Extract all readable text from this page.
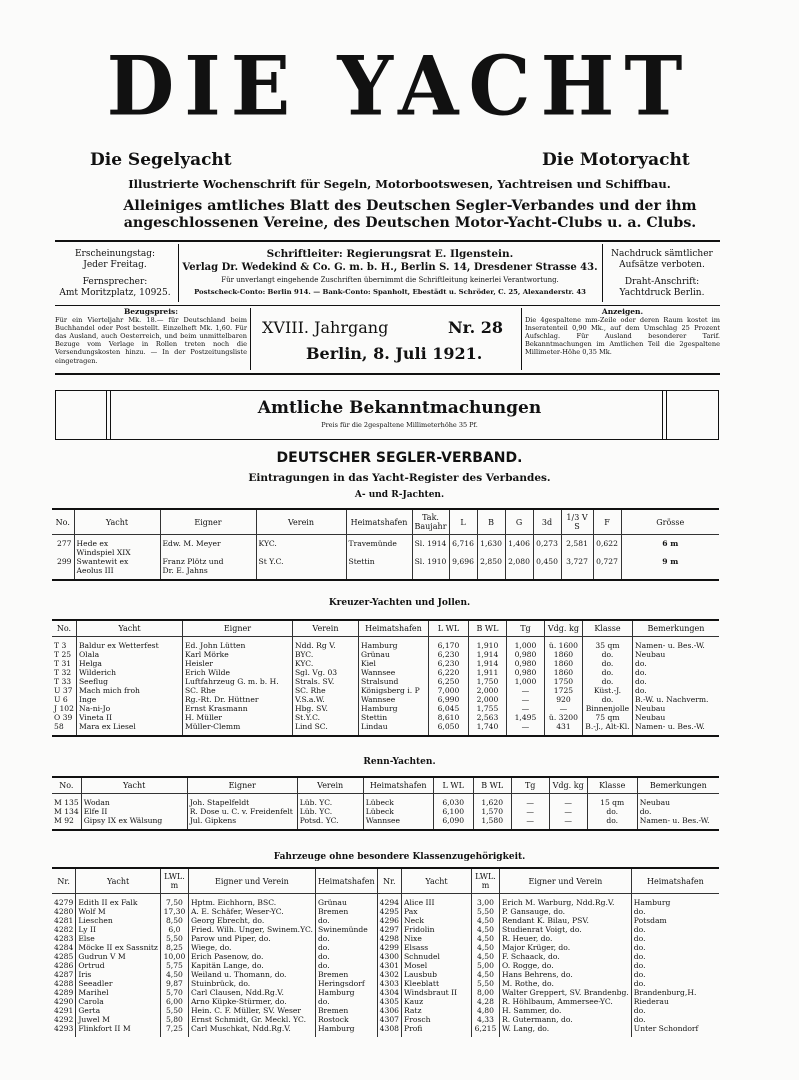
DIE YACHT
Die Segelyacht	Die Motoryacht
Illustrierte Wochenschrift für Segeln, Motorbootswesen, Yachtreisen und Schiffbau.
Alleiniges amtliches Blatt des Deutschen Segler-Verbandes und der ihm
angeschlossenen Vereine, des Deutschen Motor-Yacht-Clubs u. a. Clubs.
Erscheinungstag:
Jeder Freitag.
Fernsprecher:
Amt Moritzplatz, 10925.
Schriftleiter: Regierungsrat E. Ilgenstein.
Verlag Dr. Wedekind & Co. G. m. b. H., Berlin S. 14, Dresdener Strasse 43.
Für unverlangt eingehende Zuschriften übernimmt die Schriftleitung keinerlei Verantwortung.
Postscheck-Conto: Berlin 914. — Bank-Conto: Spanholt, Ebestädt u. Schröder, C. 25, Alexanderstr. 43
Nachdruck sämtlicher
Aufsätze verboten.
Draht-Anschrift:
Yachtdruck Berlin.
Bezugspreis:
Für ein Vierteljahr Mk. 18.— für Deutschland beim Buchhandel oder Post bestellt. Einzelheft Mk. 1,60. Für das Ausland, auch Oesterreich, und beim unmittelbaren Bezuge vom Verlage in Rollen treten noch die Versendungskosten hinzu. — In der Postzeitungsliste eingetragen.
XVIII. Jahrgang	Nr. 28
Berlin, 8. Juli 1921.
Anzeigen.
Die 4gespaltene mm-Zeile oder deren Raum kostet im Inseratenteil 0,90 Mk., auf dem Umschlag 25 Prozent Aufschlag. Für Ausland besonderer Tarif. Bekanntmachungen im Amtlichen Teil die 2gespaltene Millimeter-Höhe 0,35 Mk.
Amtliche Bekanntmachungen
Preis für die 2gespaltene Millimeterhöhe 35 Pf.
DEUTSCHER SEGLER-VERBAND.
Eintragungen in das Yacht-Register des Verbandes.
A- und R-Jachten.
No.	Yacht	Eigner	Verein	Heimatshafen	Tak. Baujahr	L	B	G	3d	1/3 V S	F	Grösse
277	Hede ex	Edw. M. Meyer	KYC.	Travemünde	Sl. 1914	6,716	1,630	1,406	0,273	2,581	0,622	6 m
	Windspiel XIX											
299	Swantewit ex	Franz Plötz und	St Y.C.	Stettin	Sl. 1910	9,696	2,850	2,080	0,450	3,727	0,727	9 m
	Aeolus III	Dr. E. Jahns										
Kreuzer-Yachten und Jollen.
No.	Yacht	Eigner	Verein	Heimatshafen	L WL	B WL	Tg	Vdg. kg	Klasse	Bemerkungen
T 3	Baldur ex Wetterfest	Ed. John Lütten	Ndd. Rg V.	Hamburg	6,170	1,910	1,000	ü. 1600	35 qm	Namen- u. Bes.-W.
T 25	Olala	Karl Mörke	BYC.	Grünau	6,230	1,914	0,980	1860	do.	Neubau
T 31	Helga	Heisler	KYC.	Kiel	6,230	1,914	0,980	1860	do.	do.
T 32	Wilderich	Erich Wilde	Sgl. Vg. 03	Wannsee	6,220	1,911	0,980	1860	do.	do.
T 33	Seeflug	Luftfahrzeug G. m. b. H.	Strals. SV.	Stralsund	6,250	1,750	1,000	1750	do.	do.
U 37	Mach mich froh	SC. Rhe	SC. Rhe	Königsberg i. P	7,000	2,000	—	1725	Küst.-J.	do.
U 6	Inge	Rg.-Rt. Dr. Hüttner	V.S.a.W.	Wannsee	6,990	2,000	—	920	do.	B.-W. u. Nachverm.
J 102	Na-ni-Jo	Ernst Krasmann	Hbg. SV.	Hamburg	6,045	1,755	—	—	Binnenjolle	Neubau
O 39	Vineta II	H. Müller	St.Y.C.	Stettin	8,610	2,563	1,495	ü. 3200	75 qm	Neubau
58	Mara ex Liesel	Müller-Clemm	Lind SC.	Lindau	6,050	1,740	—	431	B.-J., Alt-Kl.	Namen- u. Bes.-W.
Renn-Yachten.
No.	Yacht	Eigner	Verein	Heimatshafen	L WL	B WL	Tg	Vdg. kg	Klasse	Bemerkungen
M 135	Wodan	Joh. Stapelfeldt	Lüb. YC.	Lübeck	6,030	1,620	—	—	15 qm	Neubau
M 134	Elfe II	R. Dose u. C. v. Freidenfelt	Lüb. YC.	Lübeck	6,100	1,570	—	—	do.	do.
M 92	Gipsy IX ex Wälsung	Jul. Gipkens	Potsd. YC.	Wannsee	6,090	1,580	—	—	do.	Namen- u. Bes.-W.
Fahrzeuge ohne besondere Klassenzugehörigkeit.
Nr.	Yacht	LWL. m	Eigner und Verein	Heimatshafen	Nr.	Yacht	LWL. m	Eigner und Verein	Heimatshafen
4279	Edith II ex Falk	7,50	Hptm. Eichhorn, BSC.	Grünau	4294	Alice III	3,00	Erich M. Warburg, Ndd.Rg.V.	Hamburg
4280	Wolf M	17,30	A. E. Schäfer, Weser-YC.	Bremen	4295	Pax	5,50	P. Gansauge, do.	do.
4281	Lieschen	8,50	Georg Ebrecht, do.	do.	4296	Neck	4,50	Rendant K. Bilau, PSV.	Potsdam
4282	Ly II	6,0	Fried. Wilh. Unger, Swinem.YC.	Swinemünde	4297	Fridolin	4,50	Studienrat Voigt, do.	do.
4283	Else	5,50	Parow und Piper, do.	do.	4298	Nixe	4,50	R. Heuer, do.	do.
4284	Möcke II ex Sassnitz	8,25	Wiege, do.	do.	4299	Elsass	4,50	Major Krüger, do.	do.
4285	Gudrun V M	10,00	Erich Pasenow, do.	do.	4300	Schnudel	4,50	F. Schaack, do.	do.
4286	Ortrud	5,75	Kapitän Lange, do.	do.	4301	Mosel	5,00	O. Rogge, do.	do.
4287	Iris	4,50	Weiland u. Thomann, do.	Bremen	4302	Lausbub	4,50	Hans Behrens, do.	do.
4288	Seeadler	9,87	Stuinbrück, do.	Heringsdorf	4303	Kleeblatt	5,50	M. Rothe, do.	do.
4289	Marihel	5,70	Carl Clausen, Ndd.Rg.V.	Hamburg	4304	Windsbraut II	8,00	Walter Greppert, SV. Brandenbg.	Brandenburg,H.
4290	Carola	6,00	Arno Küpke-Stürmer, do.	do.	4305	Kauz	4,28	R. Höhlbaum, Ammersee-YC.	Riederau
4291	Gerta	5,50	Hein. C. F. Müller, SV. Weser	Bremen	4306	Ratz	4,80	H. Sammer, do.	do.
4292	Juwel M	5,80	Ernst Schmidt, Gr. Meckl. YC.	Rostock	4307	Frosch	4,33	R. Gutermann, do.	do.
4293	Flinkfort II M	7,25	Carl Muschkat, Ndd.Rg.V.	Hamburg	4308	Profi	6,215	W. Lang, do.	Unter Schondorf
